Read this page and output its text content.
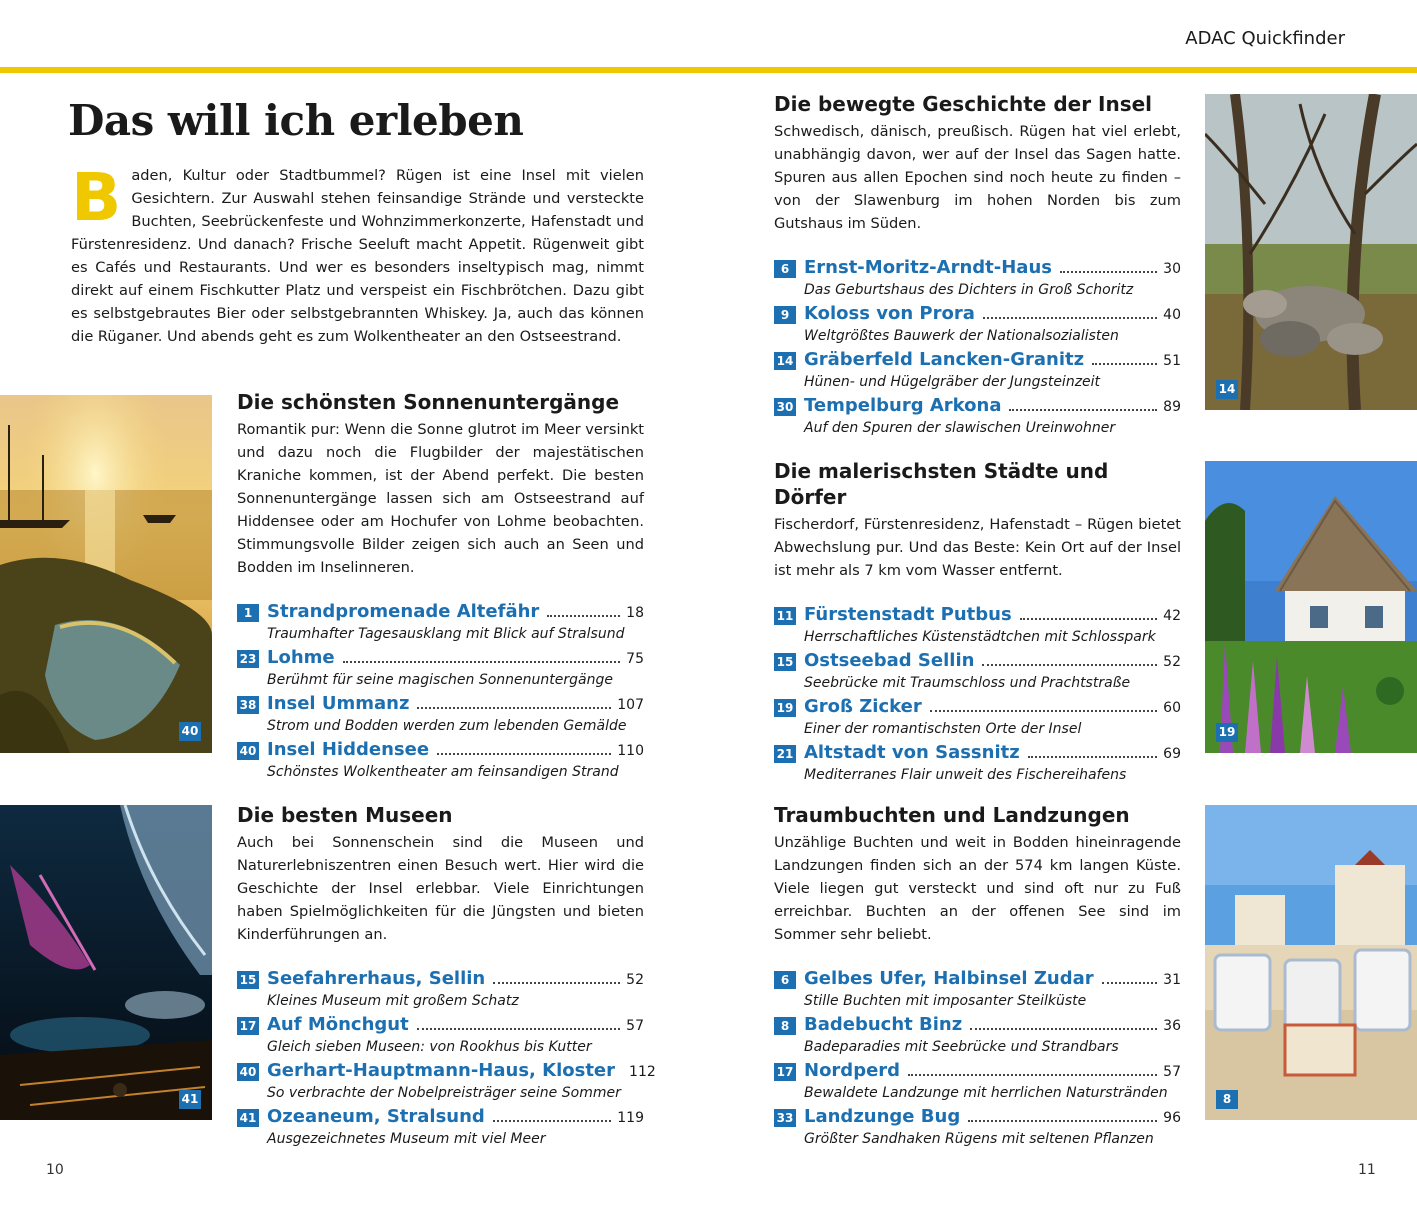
ADAC Quickfinder
Das will ich erleben
Baden, Kultur oder Stadtbummel? Rügen ist eine Insel mit vielen Gesichtern. Zur Auswahl stehen feinsandige Strände und versteckte Buchten, Seebrückenfeste und Wohnzimmerkonzerte, Hafenstadt und Fürstenresidenz. Und danach? Frische Seeluft macht Appetit. Rügenweit gibt es Cafés und Restaurants. Und wer es besonders inseltypisch mag, nimmt direkt auf einem Fischkutter Platz und verspeist ein Fischbrötchen. Dazu gibt es selbstgebrautes Bier oder selbstgebrannten Whiskey. Ja, auch das können die Rüganer. Und abends geht es zum Wolkentheater an den Ostseestrand.
40
41
14
19
8
Die schönsten Sonnenuntergänge

Romantik pur: Wenn die Sonne glutrot im Meer versinkt und dazu noch die Flugbilder der majestätischen Kraniche kommen, ist der Abend perfekt. Die besten Sonnenuntergänge lassen sich am Ostseestrand auf Hiddensee oder am Hochufer von Lohme beobachten. Stimmungsvolle Bilder zeigen sich auch an Seen und Bodden im Inselinneren.

1 Strandpromenade Altefähr	18
Traumhafter Tagesausklang mit Blick auf Stralsund
23 Lohme	75
Berühmt für seine magischen Sonnenuntergänge
38 Insel Ummanz	107
Strom und Bodden werden zum lebenden Gemälde
40 Insel Hiddensee	110
Schönstes Wolkentheater am feinsandigen Strand
Die besten Museen

Auch bei Sonnenschein sind die Museen und Naturerlebniszentren einen Besuch wert. Hier wird die Geschichte der Insel erlebbar. Viele Einrichtungen haben Spielmöglichkeiten für die Jüngsten und bieten Kinderführungen an.

15 Seefahrerhaus, Sellin	52
Kleines Museum mit großem Schatz
17 Auf Mönchgut	57
Gleich sieben Museen: von Rookhus bis Kutter
40 Gerhart-Hauptmann-Haus, Kloster 112
So verbrachte der Nobelpreisträger seine Sommer
41 Ozeaneum, Stralsund	119
Ausgezeichnetes Museum mit viel Meer
Die bewegte Geschichte der Insel

Schwedisch, dänisch, preußisch. Rügen hat viel erlebt, unabhängig davon, wer auf der Insel das Sagen hatte. Spuren aus allen Epochen sind noch heute zu finden – von der Slawenburg im hohen Norden bis zum Gutshaus im Süden.

6 Ernst-Moritz-Arndt-Haus	30
Das Geburtshaus des Dichters in Groß Schoritz
9 Koloss von Prora	40
Weltgrößtes Bauwerk der Nationalsozialisten
14 Gräberfeld Lancken-Granitz	51
Hünen- und Hügelgräber der Jungsteinzeit
30 Tempelburg Arkona	89
Auf den Spuren der slawischen Ureinwohner
Die malerischsten Städte und Dörfer

Fischerdorf, Fürstenresidenz, Hafenstadt – Rügen bietet Abwechslung pur. Und das Beste: Kein Ort auf der Insel ist mehr als 7 km vom Wasser entfernt.

11 Fürstenstadt Putbus	42
Herrschaftliches Küstenstädtchen mit Schlosspark
15 Ostseebad Sellin	52
Seebrücke mit Traumschloss und Prachtstraße
19 Groß Zicker	60
Einer der romantischsten Orte der Insel
21 Altstadt von Sassnitz	69
Mediterranes Flair unweit des Fischereihafens
Traumbuchten und Landzungen

Unzählige Buchten und weit in Bodden hineinragende Landzungen finden sich an der 574 km langen Küste. Viele liegen gut versteckt und sind oft nur zu Fuß erreichbar. Buchten an der offenen See sind im Sommer sehr beliebt.

6 Gelbes Ufer, Halbinsel Zudar	31
Stille Buchten mit imposanter Steilküste
8 Badebucht Binz	36
Badeparadies mit Seebrücke und Strandbars
17 Nordperd	57
Bewaldete Landzunge mit herrlichen Naturstränden
33 Landzunge Bug	96
Größter Sandhaken Rügens mit seltenen Pflanzen
10	11
